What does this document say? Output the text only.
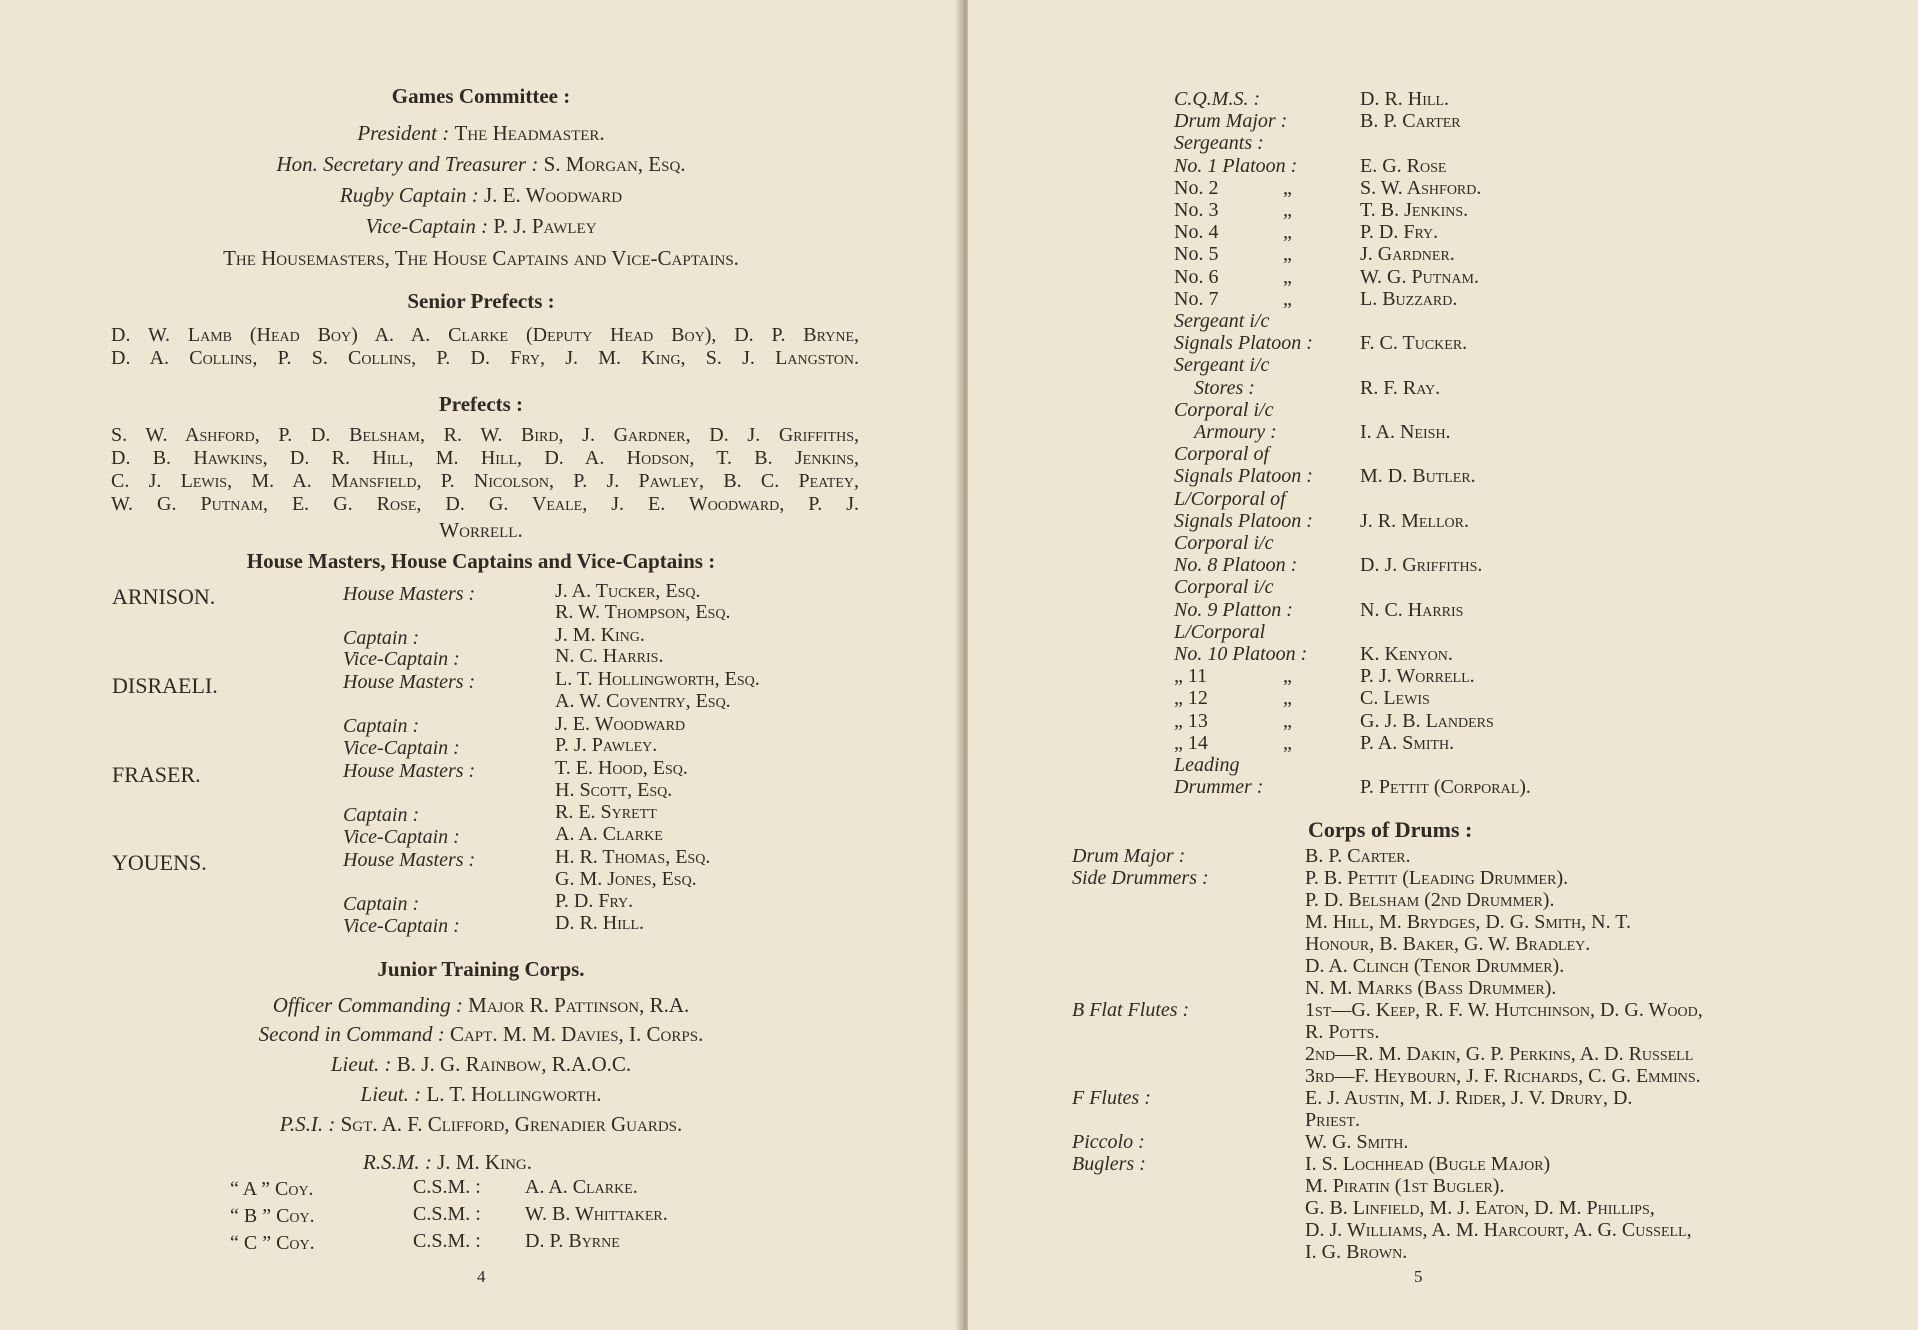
Games Committee :
President : The Headmaster.
Hon. Secretary and Treasurer : S. Morgan, Esq.
Rugby Captain : J. E. Woodward
Vice-Captain : P. J. Pawley
The Housemasters, The House Captains and Vice-Captains.
Senior Prefects :
D. W. Lamb (Head Boy) A. A. Clarke (Deputy Head Boy), D. P. Bryne,
D. A. Collins, P. S. Collins, P. D. Fry, J. M. King, S. J. Langston.
Prefects :
S. W. Ashford, P. D. Belsham, R. W. Bird, J. Gardner, D. J. Griffiths,
D. B. Hawkins, D. R. Hill, M. Hill, D. A. Hodson, T. B. Jenkins,
C. J. Lewis, M. A. Mansfield, P. Nicolson, P. J. Pawley, B. C. Peatey,
W. G. Putnam, E. G. Rose, D. G. Veale, J. E. Woodward, P. J.
Worrell.
House Masters, House Captains and Vice-Captains :
ARNISON.	House Masters :	J. A. Tucker, Esq.
R. W. Thompson, Esq.
Captain :	J. M. King.
Vice-Captain :	N. C. Harris.
DISRAELI.	House Masters :	L. T. Hollingworth, Esq.
A. W. Coventry, Esq.
Captain :	J. E. Woodward
Vice-Captain :	P. J. Pawley.
FRASER.	House Masters :	T. E. Hood, Esq.
H. Scott, Esq.
Captain :	R. E. Syrett
Vice-Captain :	A. A. Clarke
YOUENS.	House Masters :	H. R. Thomas, Esq.
G. M. Jones, Esq.
Captain :	P. D. Fry.
Vice-Captain :	D. R. Hill.
Junior Training Corps.
Officer Commanding : Major R. Pattinson, R.A.
Second in Command : Capt. M. M. Davies, I. Corps.
Lieut. : B. J. G. Rainbow, R.A.O.C.
Lieut. : L. T. Hollingworth.
P.S.I. : Sgt. A. F. Clifford, Grenadier Guards.
R.S.M. : J. M. King.
“ A ” Coy.	C.S.M. : A. A. Clarke.
“ B ” Coy.	C.S.M. : W. B. Whittaker.
“ C ” Coy.	C.S.M. : D. P. Byrne
4
C.Q.M.S. :	D. R. Hill.
Drum Major :	B. P. Carter
Sergeants :
No. 1 Platoon :	E. G. Rose
No. 2	„	S. W. Ashford.
No. 3	„	T. B. Jenkins.
No. 4	„	P. D. Fry.
No. 5	„	J. Gardner.
No. 6	„	W. G. Putnam.
No. 7	„	L. Buzzard.
Sergeant i/c
Signals Platoon : F. C. Tucker.
Sergeant i/c
Stores :	R. F. Ray.
Corporal i/c
Armoury :	I. A. Neish.
Corporal of
Signals Platoon : M. D. Butler.
L/Corporal of
Signals Platoon : J. R. Mellor.
Corporal i/c
No. 8 Platoon :	D. J. Griffiths.
Corporal i/c
No. 9 Platton :	N. C. Harris
L/Corporal
No. 10 Platoon :	K. Kenyon.
„ 11	„	P. J. Worrell.
„ 12	„	C. Lewis
„ 13	„	G. J. B. Landers
„ 14	„	P. A. Smith.
Leading
Drummer :	P. Pettit (Corporal).
Corps of Drums :
Drum Major :	B. P. Carter.
Side Drummers :	P. B. Pettit (Leading Drummer).
P. D. Belsham (2nd Drummer).
M. Hill, M. Brydges, D. G. Smith, N. T.
Honour, B. Baker, G. W. Bradley.
D. A. Clinch (Tenor Drummer).
N. M. Marks (Bass Drummer).
B Flat Flutes :	1st—G. Keep, R. F. W. Hutchinson, D. G. Wood,
R. Potts.
2nd—R. M. Dakin, G. P. Perkins, A. D. Russell
3rd—F. Heybourn, J. F. Richards, C. G. Emmins.
F Flutes :	E. J. Austin, M. J. Rider, J. V. Drury, D.
Priest.
Piccolo :	W. G. Smith.
Buglers :	I. S. Lochhead (Bugle Major)
M. Piratin (1st Bugler).
G. B. Linfield, M. J. Eaton, D. M. Phillips,
D. J. Williams, A. M. Harcourt, A. G. Cussell,
I. G. Brown.
5
